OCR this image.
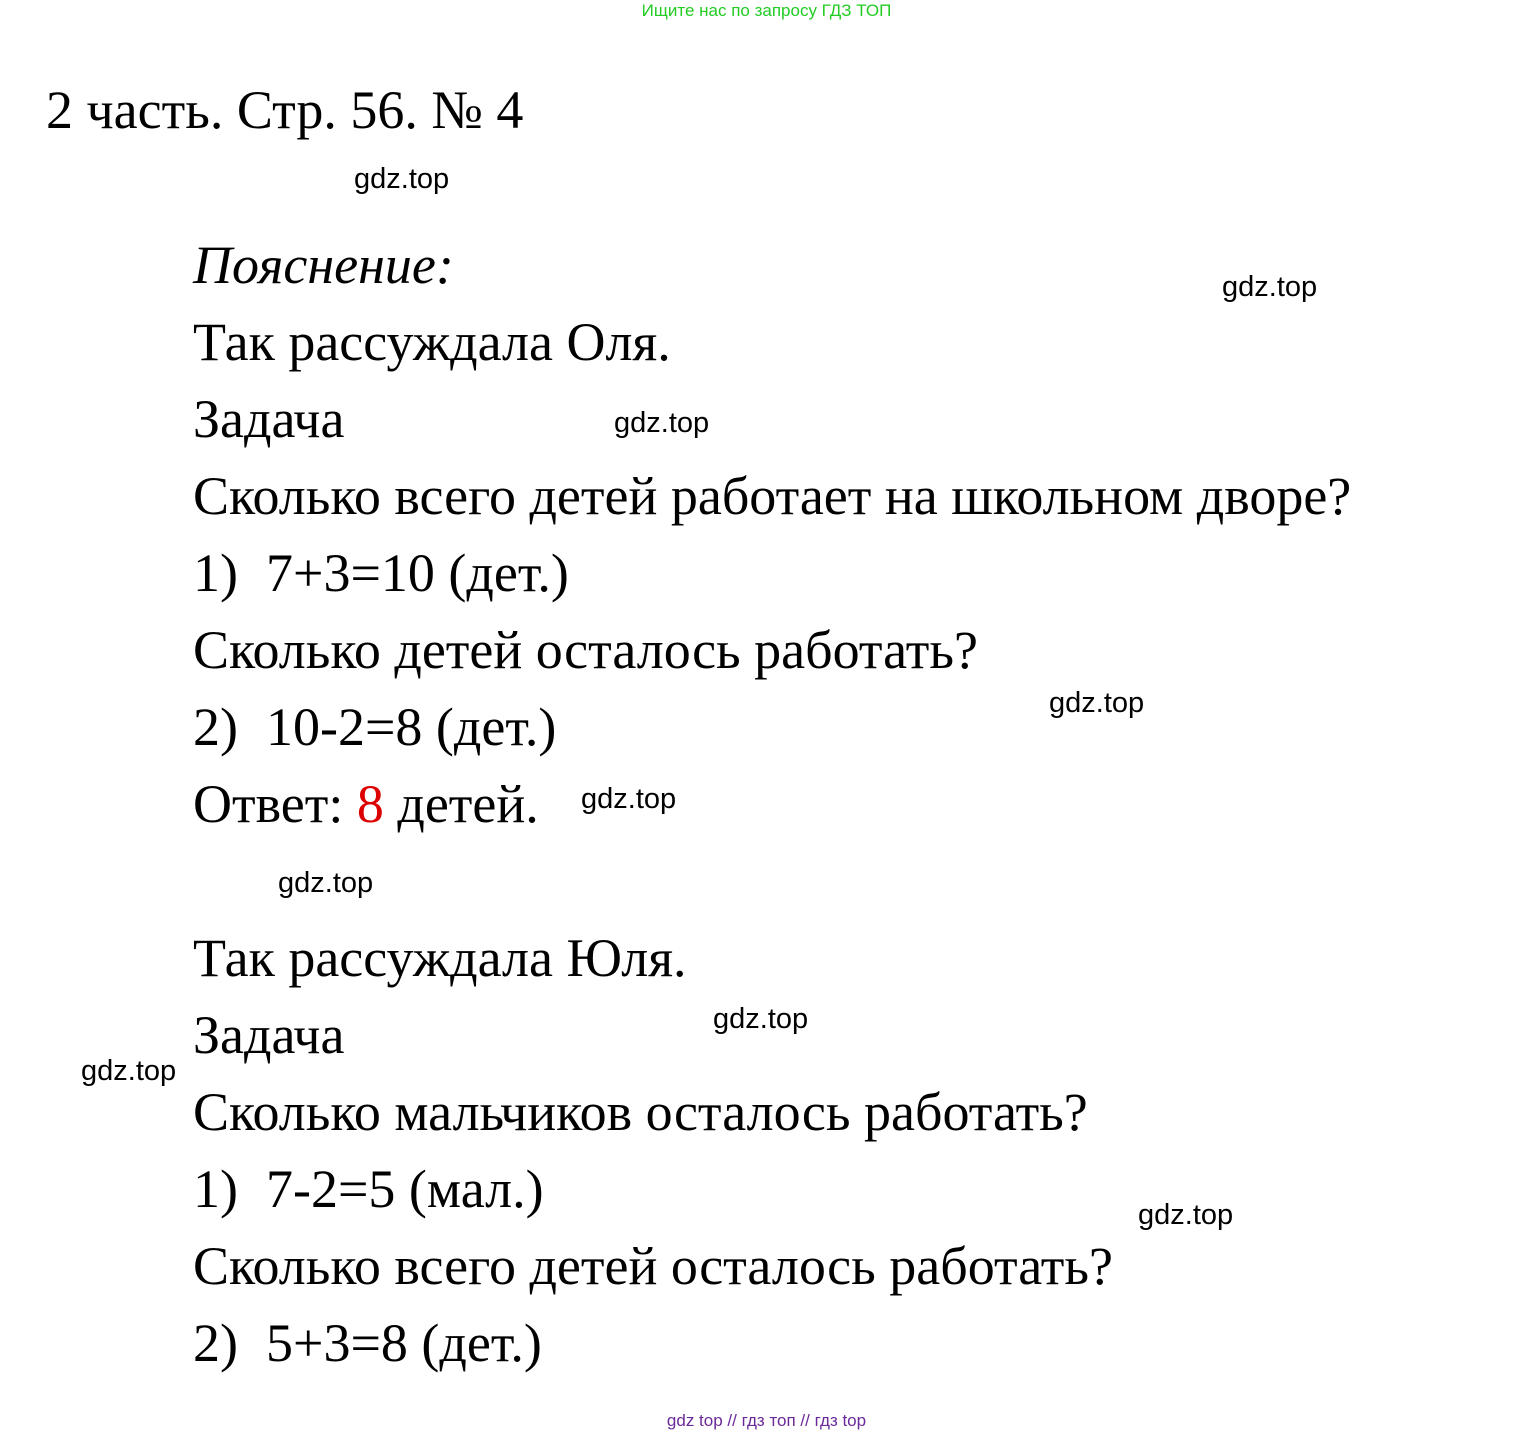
Ищите нас по запросу ГДЗ ТОП
2 часть. Стр. 56. № 4
Пояснение:
Так рассуждала Оля.
Задача
Сколько всего детей работает на школьном дворе?
1) 7+3=10 (дет.)
Сколько детей осталось работать?
2) 10-2=8 (дет.)
Ответ: 8 детей.
Так рассуждала Юля.
Задача
Сколько мальчиков осталось работать?
1) 7-2=5 (мал.)
Сколько всего детей осталось работать?
2) 5+3=8 (дет.)
gdz.top
gdz.top
gdz.top
gdz.top
gdz.top
gdz.top
gdz.top
gdz.top
gdz.top
gdz top // гдз топ // гдз top
